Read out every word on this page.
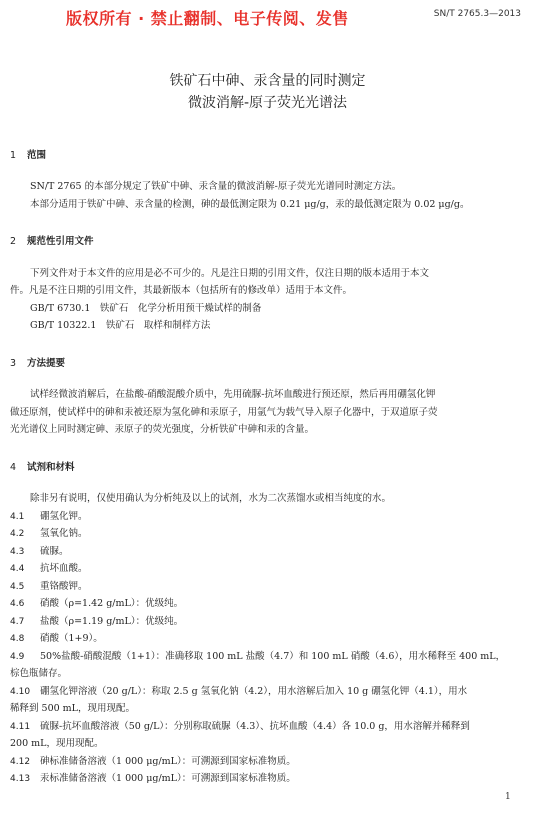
版权所有 · 禁止翻制、电子传阅、发售	SN/T 2765.3—2013
铁矿石中砷、汞含量的同时测定
微波消解-原子荧光光谱法
1 范围
SN/T 2765 的本部分规定了铁矿中砷、汞含量的微波消解-原子荧光光谱同时测定方法。
本部分适用于铁矿中砷、汞含量的检测，砷的最低测定限为 0.21 μg/g，汞的最低测定限为 0.02 μg/g。
2 规范性引用文件
下列文件对于本文件的应用是必不可少的。凡是注日期的引用文件，仅注日期的版本适用于本文
件。凡是不注日期的引用文件，其最新版本（包括所有的修改单）适用于本文件。
GB/T 6730.1　铁矿石　化学分析用预干燥试样的制备
GB/T 10322.1　铁矿石　取样和制样方法
3 方法提要
试样经微波消解后，在盐酸-硝酸混酸介质中，先用硫脲-抗坏血酸进行预还原，然后再用硼氢化钾
做还原剂，使试样中的砷和汞被还原为氢化砷和汞原子，用氩气为载气导入原子化器中，于双道原子荧
光光谱仪上同时测定砷、汞原子的荧光强度，分析铁矿中砷和汞的含量。
4 试剂和材料
除非另有说明，仅使用确认为分析纯及以上的试剂，水为二次蒸馏水或相当纯度的水。
4.1 硼氢化钾。
4.2 氢氧化钠。
4.3 硫脲。
4.4 抗坏血酸。
4.5 重铬酸钾。
4.6 硝酸（ρ=1.42 g/mL）：优级纯。
4.7 盐酸（ρ=1.19 g/mL）：优级纯。
4.8 硝酸（1+9）。
4.9 50%盐酸-硝酸混酸（1+1）：准确移取 100 mL 盐酸（4.7）和 100 mL 硝酸（4.6），用水稀释至 400 mL，
棕色瓶储存。
4.10 硼氢化钾溶液（20 g/L）：称取 2.5 g 氢氧化钠（4.2），用水溶解后加入 10 g 硼氢化钾（4.1），用水
稀释到 500 mL，现用现配。
4.11 硫脲-抗坏血酸溶液（50 g/L）：分别称取硫脲（4.3）、抗坏血酸（4.4）各 10.0 g，用水溶解并稀释到
200 mL，现用现配。
4.12 砷标准储备溶液（1 000 μg/mL）：可溯源到国家标准物质。
4.13 汞标准储备溶液（1 000 μg/mL）：可溯源到国家标准物质。
1
